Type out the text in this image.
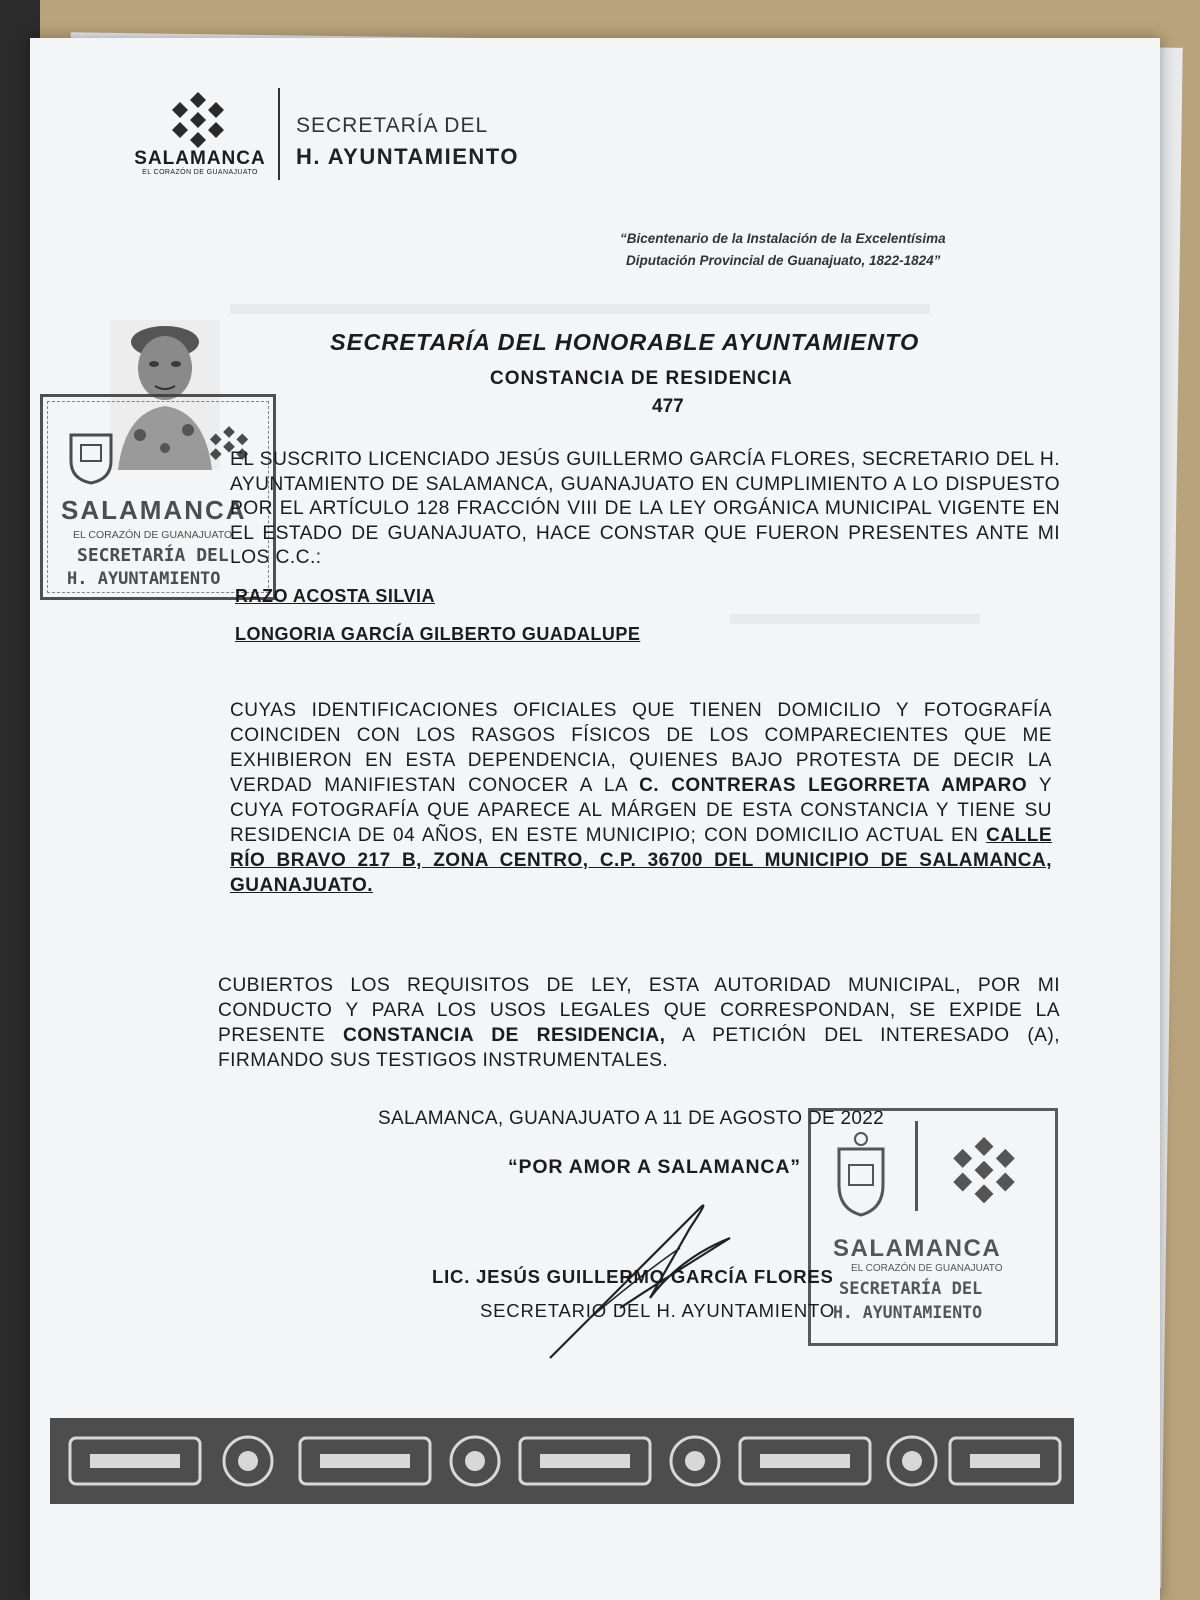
SALAMANCA
EL CORAZÓN DE GUANAJUATO
SECRETARÍA DEL
H. AYUNTAMIENTO
“Bicentenario de la Instalación de la Excelentísima
Diputación Provincial de Guanajuato, 1822-1824”
SECRETARÍA DEL HONORABLE AYUNTAMIENTO
CONSTANCIA DE RESIDENCIA
477
SALAMANCA
EL CORAZÓN DE GUANAJUATO
SECRETARÍA DEL
H. AYUNTAMIENTO
EL SUSCRITO LICENCIADO JESÚS GUILLERMO GARCÍA FLORES, SECRETARIO DEL H. AYUNTAMIENTO DE SALAMANCA, GUANAJUATO EN CUMPLIMIENTO A LO DISPUESTO POR EL ARTÍCULO 128 FRACCIÓN VIII DE LA LEY ORGÁNICA MUNICIPAL VIGENTE EN EL ESTADO DE GUANAJUATO, HACE CONSTAR QUE FUERON PRESENTES ANTE MI LOS C.C.:
RAZO ACOSTA SILVIA
LONGORIA GARCÍA GILBERTO GUADALUPE
CUYAS IDENTIFICACIONES OFICIALES QUE TIENEN DOMICILIO Y FOTOGRAFÍA COINCIDEN CON LOS RASGOS FÍSICOS DE LOS COMPARECIENTES QUE ME EXHIBIERON EN ESTA DEPENDENCIA, QUIENES BAJO PROTESTA DE DECIR LA VERDAD MANIFIESTAN CONOCER A LA C. CONTRERAS LEGORRETA AMPARO Y CUYA FOTOGRAFÍA QUE APARECE AL MÁRGEN DE ESTA CONSTANCIA Y TIENE SU RESIDENCIA DE 04 AÑOS, EN ESTE MUNICIPIO; CON DOMICILIO ACTUAL EN CALLE RÍO BRAVO 217 B, ZONA CENTRO, C.P. 36700 DEL MUNICIPIO DE SALAMANCA, GUANAJUATO.
CUBIERTOS LOS REQUISITOS DE LEY, ESTA AUTORIDAD MUNICIPAL, POR MI CONDUCTO Y PARA LOS USOS LEGALES QUE CORRESPONDAN, SE EXPIDE LA PRESENTE CONSTANCIA DE RESIDENCIA, A PETICIÓN DEL INTERESADO (A), FIRMANDO SUS TESTIGOS INSTRUMENTALES.
SALAMANCA, GUANAJUATO A 11 DE AGOSTO DE 2022
“POR AMOR A SALAMANCA”
SALAMANCA
EL CORAZÓN DE GUANAJUATO
SECRETARÍA DEL
H. AYUNTAMIENTO
LIC. JESÚS GUILLERMO GARCÍA FLORES
SECRETARIO DEL H. AYUNTAMIENTO
